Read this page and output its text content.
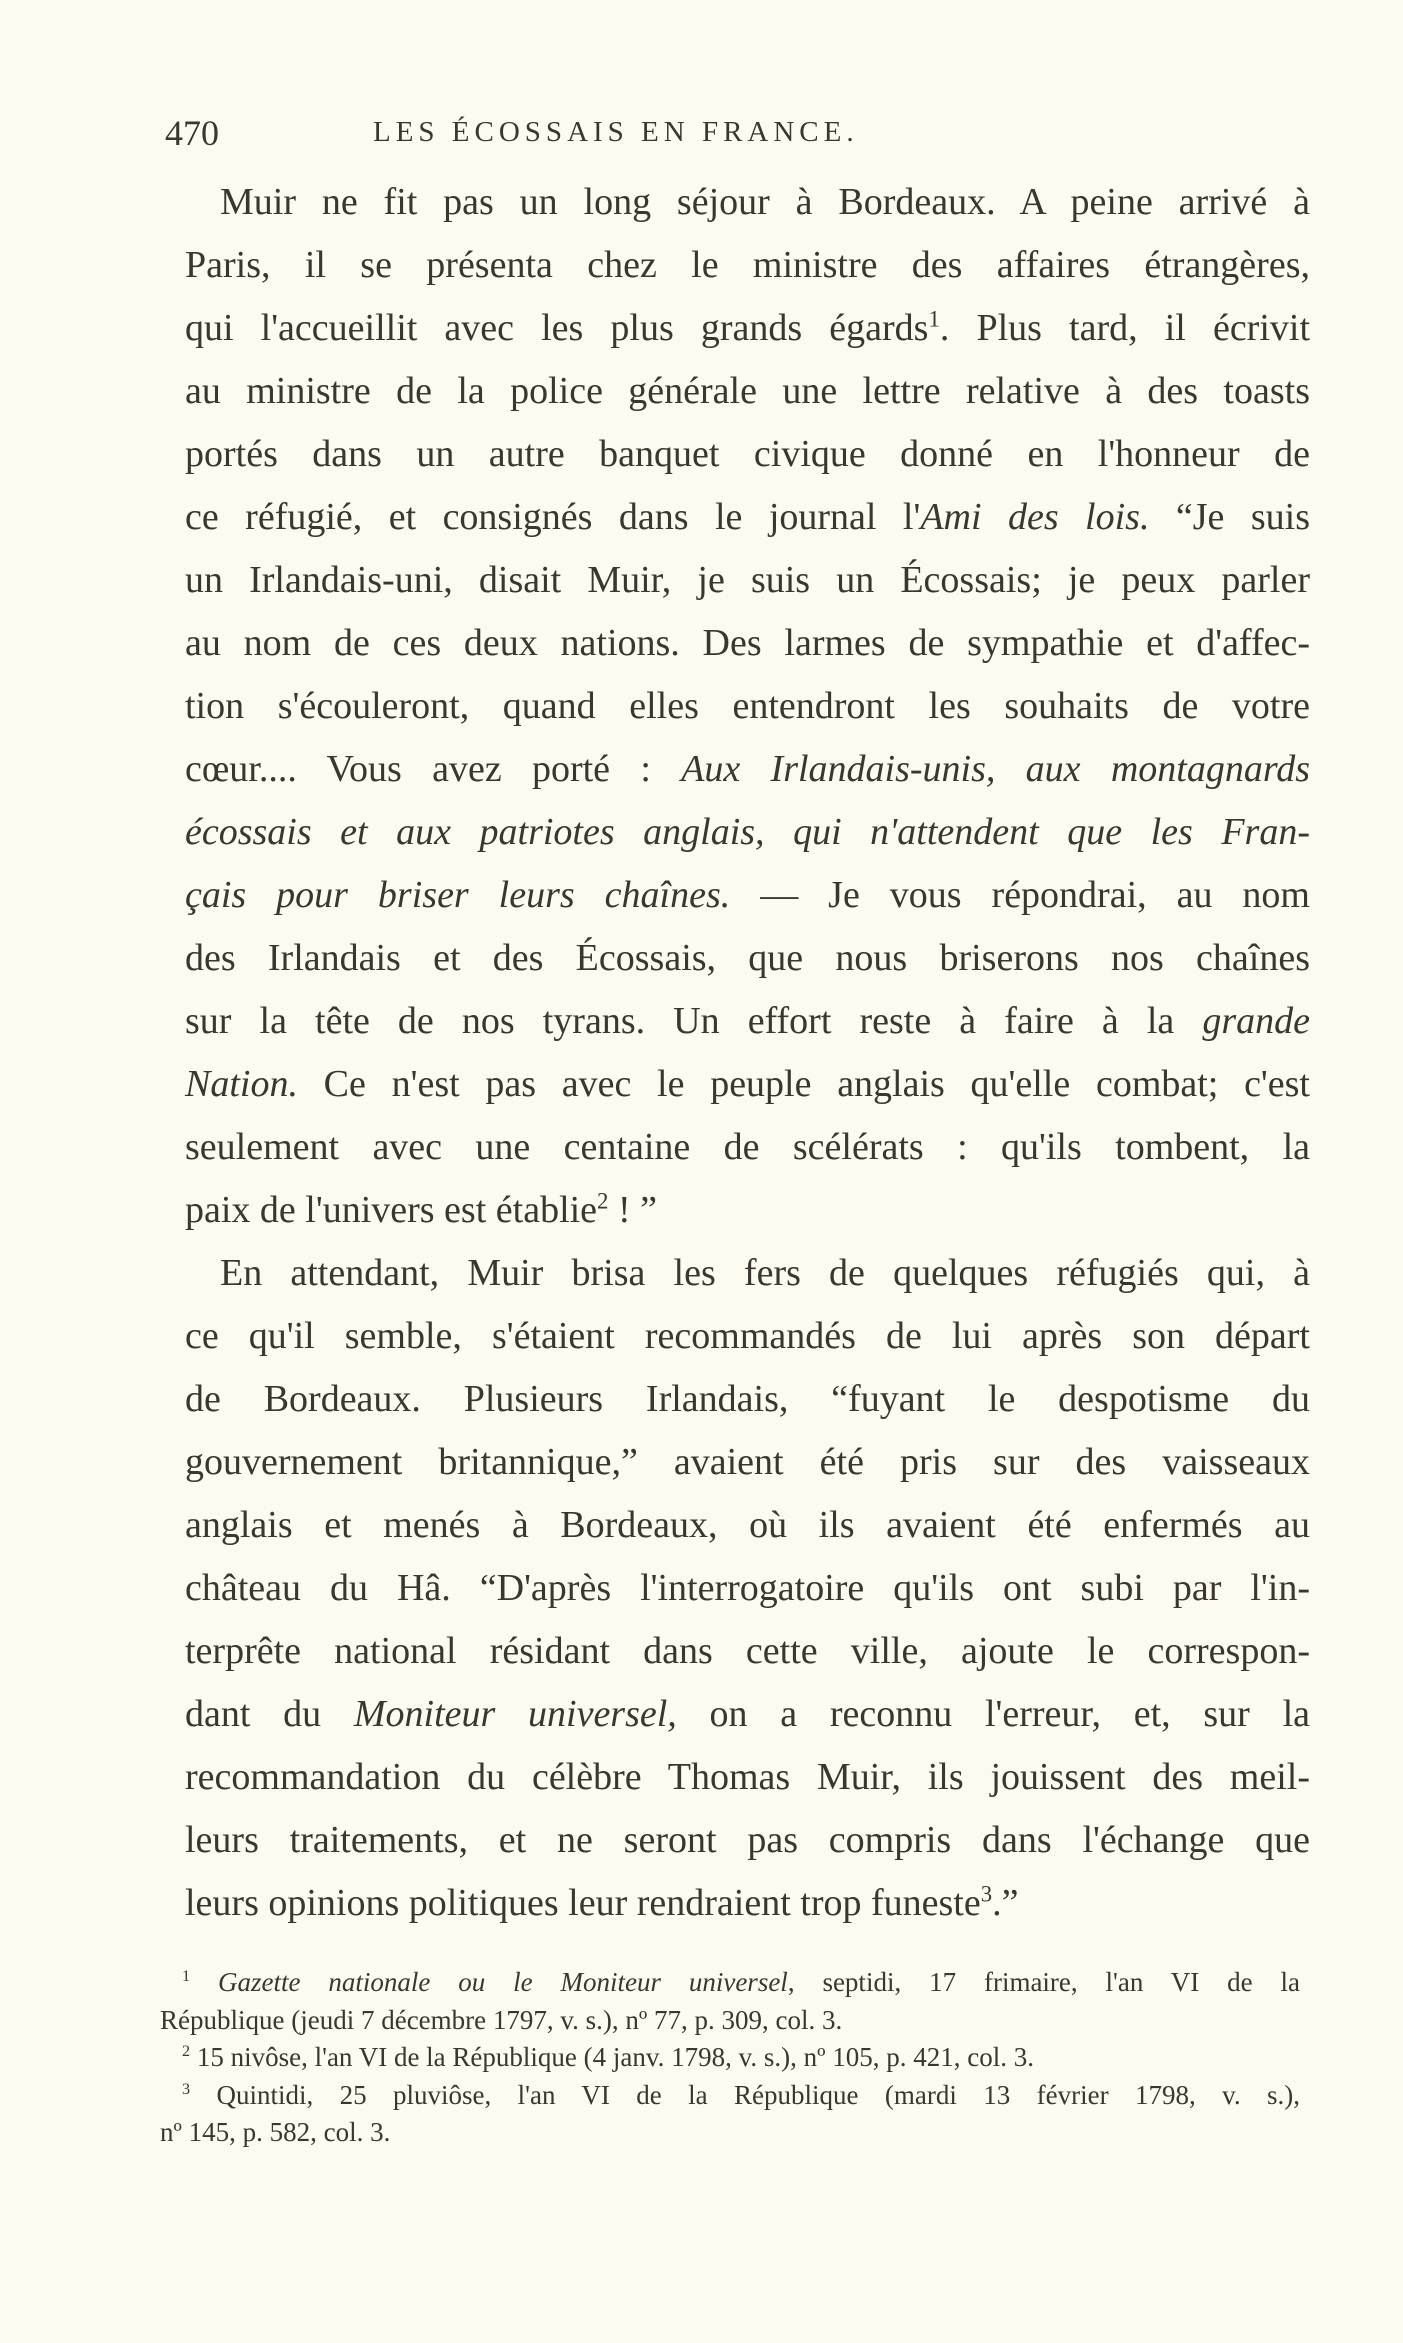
470	LES ÉCOSSAIS EN FRANCE.
Muir ne fit pas un long séjour à Bordeaux. A peine arrivé à
Paris, il se présenta chez le ministre des affaires étrangères,
qui l'accueillit avec les plus grands égards$^1$. Plus tard, il écrivit
au ministre de la police générale une lettre relative à des toasts
portés dans un autre banquet civique donné en l'honneur de
ce réfugié, et consignés dans le journal l'Ami des lois. “Je suis
un Irlandais-uni, disait Muir, je suis un Écossais; je peux parler
au nom de ces deux nations. Des larmes de sympathie et d'affec-
tion s'écouleront, quand elles entendront les souhaits de votre
cœur.... Vous avez porté : Aux Irlandais-unis, aux montagnards
écossais et aux patriotes anglais, qui n'attendent que les Fran-
çais pour briser leurs chaînes. — Je vous répondrai, au nom
des Irlandais et des Écossais, que nous briserons nos chaînes
sur la tête de nos tyrans. Un effort reste à faire à la grande
Nation. Ce n'est pas avec le peuple anglais qu'elle combat; c'est
seulement avec une centaine de scélérats : qu'ils tombent, la
paix de l'univers est établie$^2$ ! ”
En attendant, Muir brisa les fers de quelques réfugiés qui, à
ce qu'il semble, s'étaient recommandés de lui après son départ
de Bordeaux. Plusieurs Irlandais, “fuyant le despotisme du
gouvernement britannique,” avaient été pris sur des vaisseaux
anglais et menés à Bordeaux, où ils avaient été enfermés au
château du Hâ. “D'après l'interrogatoire qu'ils ont subi par l'in-
terprête national résidant dans cette ville, ajoute le correspon-
dant du Moniteur universel, on a reconnu l'erreur, et, sur la
recommandation du célèbre Thomas Muir, ils jouissent des meil-
leurs traitements, et ne seront pas compris dans l'échange que
leurs opinions politiques leur rendraient trop funeste$^3$.”
$^1$ Gazette nationale ou le Moniteur universel, septidi, 17 frimaire, l'an VI de la
République (jeudi 7 décembre 1797, v. s.), nº 77, p. 309, col. 3.
$^2$ 15 nivôse, l'an VI de la République (4 janv. 1798, v. s.), nº 105, p. 421, col. 3.
$^3$ Quintidi, 25 pluviôse, l'an VI de la République (mardi 13 février 1798, v. s.),
nº 145, p. 582, col. 3.
